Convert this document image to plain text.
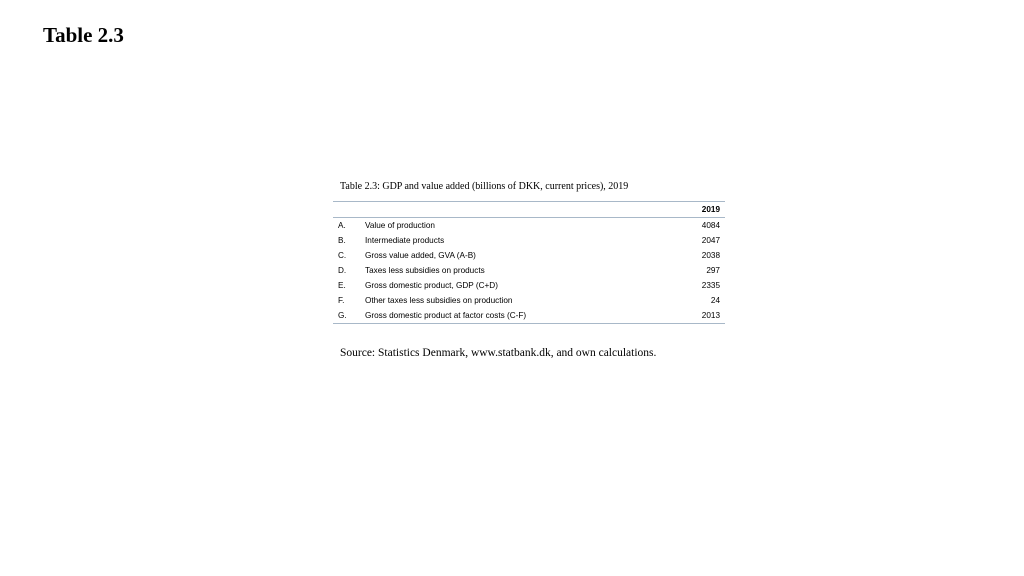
Table 2.3
Table 2.3: GDP and value added (billions of DKK, current prices), 2019
		2019
A.	Value of production	4084
B.	Intermediate products	2047
C.	Gross value added, GVA (A-B)	2038
D.	Taxes less subsidies on products	297
E.	Gross domestic product, GDP (C+D)	2335
F.	Other taxes less subsidies on production	24
G.	Gross domestic product at factor costs (C-F)	2013
Source: Statistics Denmark, www.statbank.dk, and own calculations.
